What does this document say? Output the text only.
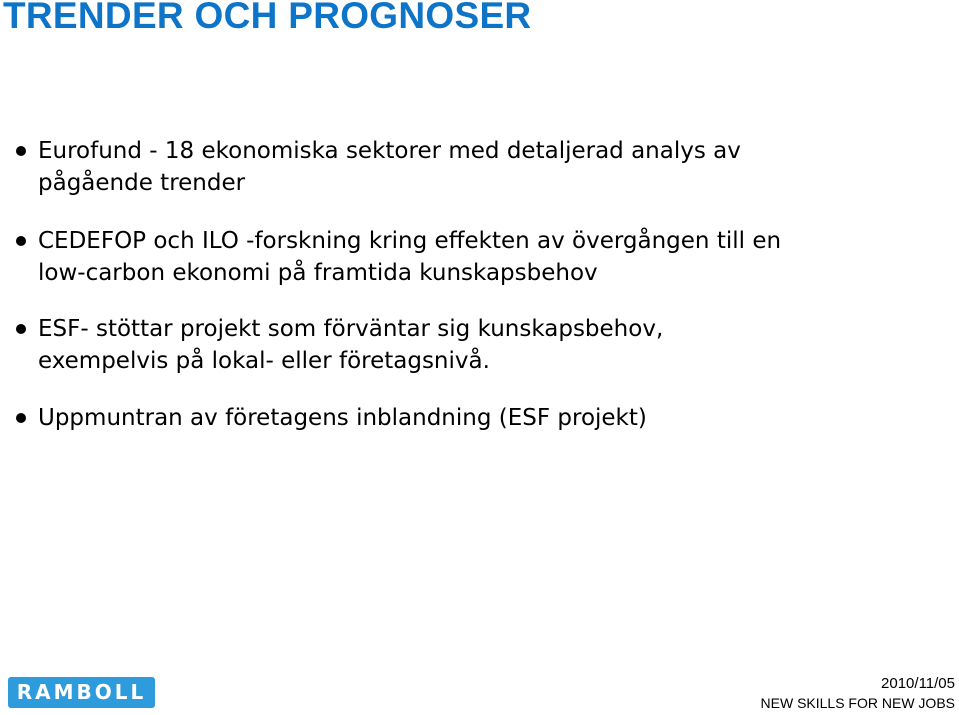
TRENDER OCH PROGNOSER
Eurofund - 18 ekonomiska sektorer med detaljerad analys av
pågående trender
CEDEFOP och ILO -forskning kring effekten av övergången till en
low-carbon ekonomi på framtida kunskapsbehov
ESF- stöttar projekt som förväntar sig kunskapsbehov,
exempelvis på lokal- eller företagsnivå.
Uppmuntran av företagens inblandning (ESF projekt)
RAMBOLL	2010/11/05
NEW SKILLS FOR NEW JOBS
